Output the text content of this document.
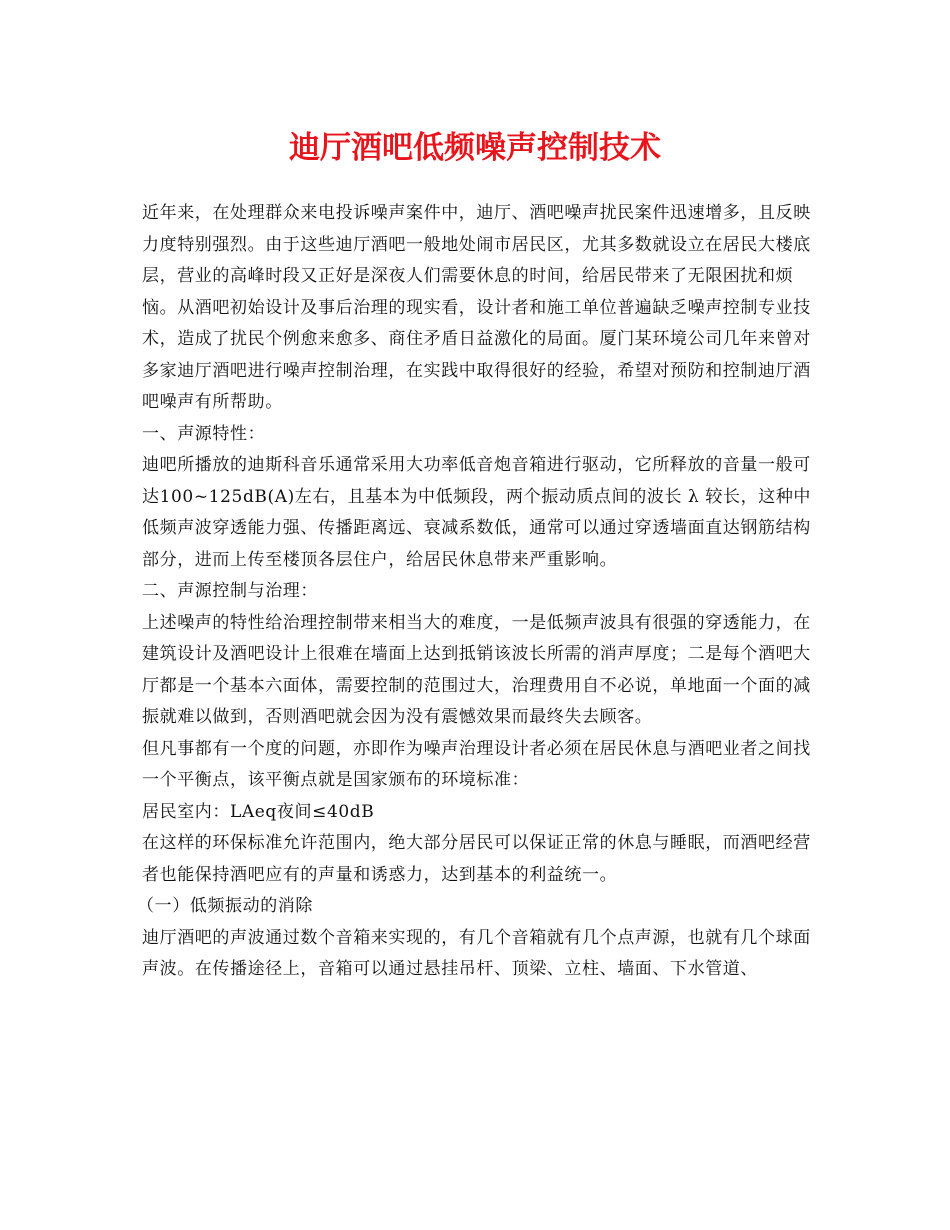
迪厅酒吧低频噪声控制技术

近年来，在处理群众来电投诉噪声案件中，迪厅、酒吧噪声扰民案件迅速增多，且反映力度特别强烈。由于这些迪厅酒吧一般地处闹市居民区，尤其多数就设立在居民大楼底层，营业的高峰时段又正好是深夜人们需要休息的时间，给居民带来了无限困扰和烦恼。从酒吧初始设计及事后治理的现实看，设计者和施工单位普遍缺乏噪声控制专业技术，造成了扰民个例愈来愈多、商住矛盾日益激化的局面。厦门某环境公司几年来曾对多家迪厅酒吧进行噪声控制治理，在实践中取得很好的经验，希望对预防和控制迪厅酒吧噪声有所帮助。

一、声源特性：

迪吧所播放的迪斯科音乐通常采用大功率低音炮音箱进行驱动，它所释放的音量一般可达100~125dB(A)左右，且基本为中低频段，两个振动质点间的波长 λ 较长，这种中低频声波穿透能力强、传播距离远、衰减系数低，通常可以通过穿透墙面直达钢筋结构部分，进而上传至楼顶各层住户，给居民休息带来严重影响。

二、声源控制与治理：

上述噪声的特性给治理控制带来相当大的难度，一是低频声波具有很强的穿透能力，在建筑设计及酒吧设计上很难在墙面上达到抵销该波长所需的消声厚度；二是每个酒吧大厅都是一个基本六面体，需要控制的范围过大，治理费用自不必说，单地面一个面的减振就难以做到，否则酒吧就会因为没有震憾效果而最终失去顾客。

但凡事都有一个度的问题，亦即作为噪声治理设计者必须在居民休息与酒吧业者之间找一个平衡点，该平衡点就是国家颁布的环境标准：

居民室内：LAeq夜间≤40dB

在这样的环保标准允许范围内，绝大部分居民可以保证正常的休息与睡眠，而酒吧经营者也能保持酒吧应有的声量和诱惑力，达到基本的利益统一。

（一）低频振动的消除

迪厅酒吧的声波通过数个音箱来实现的，有几个音箱就有几个点声源，也就有几个球面声波。在传播途径上，音箱可以通过悬挂吊杆、顶梁、立柱、墙面、下水管道、
